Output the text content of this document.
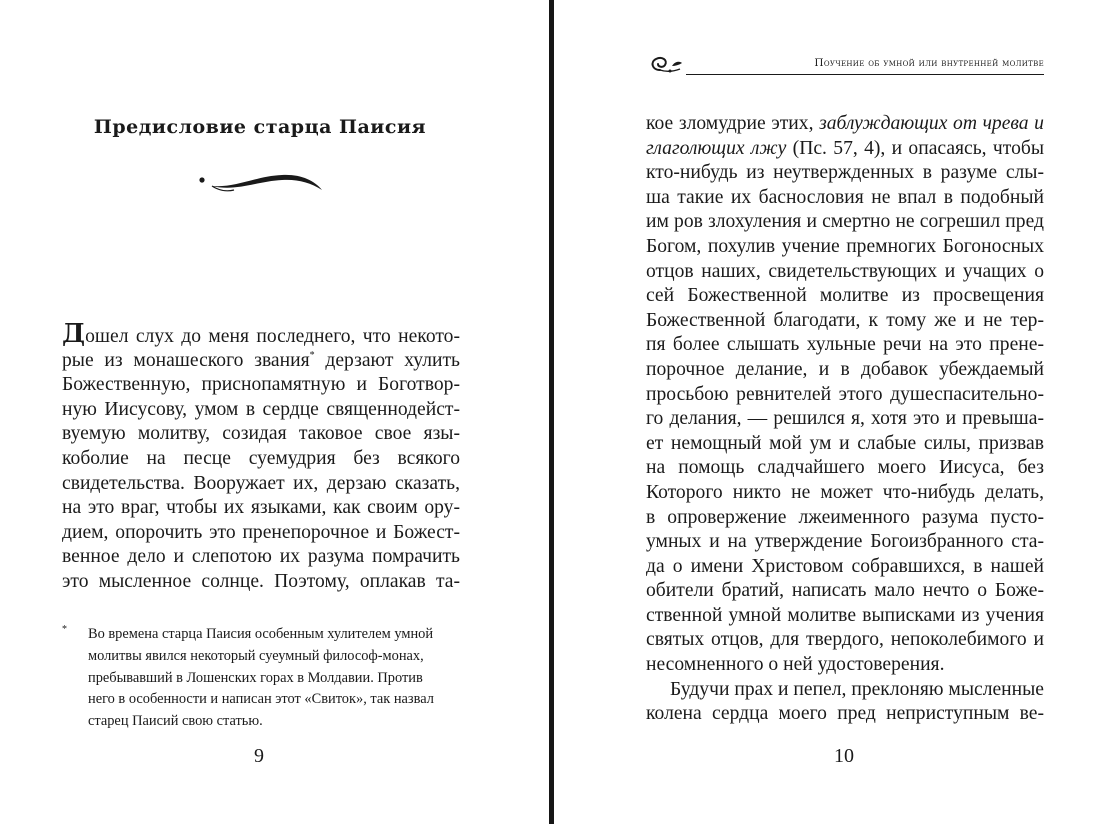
Предисловие старца Паисия
Дошел слух до меня последнего, что некото-
рые из монашеского звания* дерзают хулить
Божественную, приснопамятную и Боготвор-
ную Иисусову, умом в сердце священнодейст-
вуемую молитву, созидая таковое свое язы-
коболие на песце суемудрия без всякого
свидетельства. Вооружает их, дерзаю сказать,
на это враг, чтобы их языками, как своим ору-
дием, опорочить это пренепорочное и Божест-
венное дело и слепотою их разума помрачить
это мысленное солнце. Поэтому, оплакав та-
* Во времена старца Паисия особенным хулителем умной
молитвы явился некоторый суеумный философ-монах,
пребывавший в Лошенских горах в Молдавии. Против
него в особенности и написан этот «Свиток», так назвал
старец Паисий свою статью.
9
Поучение об умной или внутренней молитве
кое зломудрие этих, заблуждающих от чрева и
глаголющих лжу (Пс. 57, 4), и опасаясь, чтобы
кто-нибудь из неутвержденных в разуме слы-
ша такие их баснословия не впал в подобный
им ров злохуления и смертно не согрешил пред
Богом, похулив учение премногих Богоносных
отцов наших, свидетельствующих и учащих о
сей Божественной молитве из просвещения
Божественной благодати, к тому же и не тер-
пя более слышать хульные речи на это прене-
порочное делание, и в добавок убеждаемый
просьбою ревнителей этого душеспасительно-
го делания, — решился я, хотя это и превыша-
ет немощный мой ум и слабые силы, призвав
на помощь сладчайшего моего Иисуса, без
Которого никто не может что-нибудь делать,
в опровержение лжеименного разума пусто-
умных и на утверждение Богоизбранного ста-
да о имени Христовом собравшихся, в нашей
обители братий, написать мало нечто о Боже-
ственной умной молитве выписками из учения
святых отцов, для твердого, непоколебимого и
несомненного о ней удостоверения.
Будучи прах и пепел, преклоняю мысленные
колена сердца моего пред неприступным ве-
10
